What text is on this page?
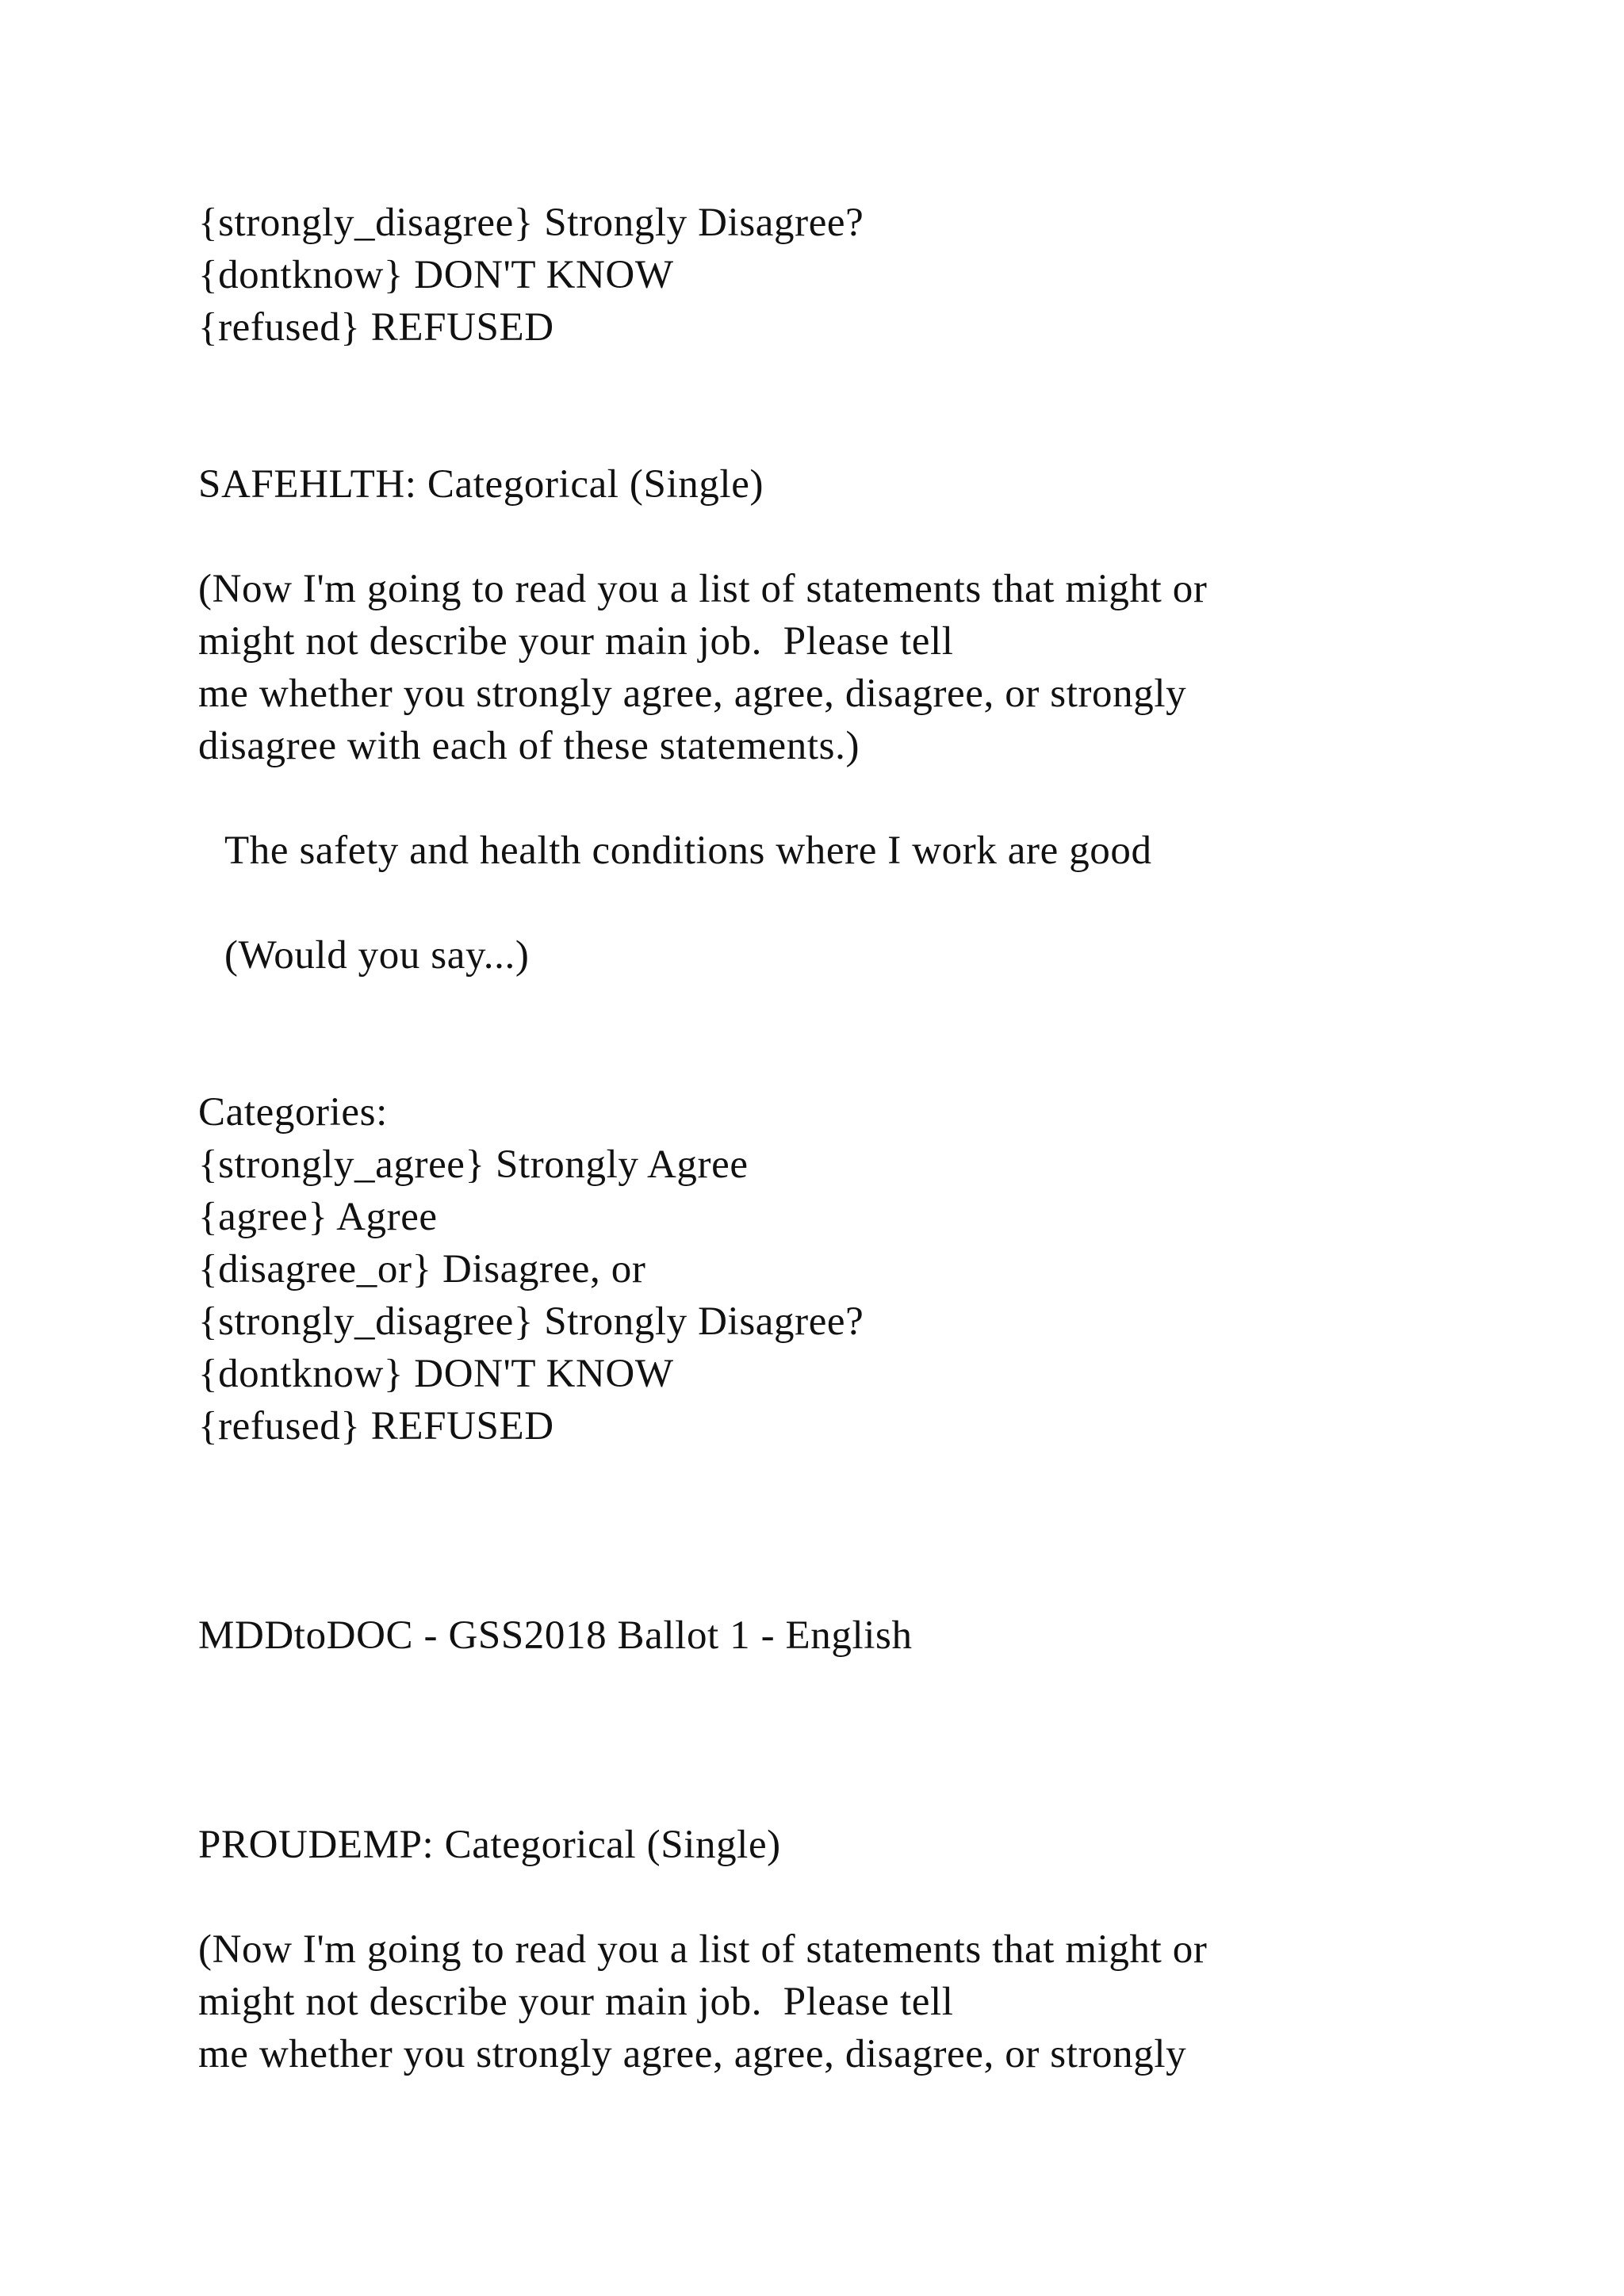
{strongly_disagree} Strongly Disagree?
{dontknow} DON'T KNOW
{refused} REFUSED
SAFEHLTH: Categorical (Single)
(Now I'm going to read you a list of statements that might or
might not describe your main job.  Please tell
me whether you strongly agree, agree, disagree, or strongly
disagree with each of these statements.)
The safety and health conditions where I work are good
(Would you say...)
Categories:
{strongly_agree} Strongly Agree
{agree} Agree
{disagree_or} Disagree, or
{strongly_disagree} Strongly Disagree?
{dontknow} DON'T KNOW
{refused} REFUSED
MDDtoDOC - GSS2018 Ballot 1 - English
PROUDEMP: Categorical (Single)
(Now I'm going to read you a list of statements that might or
might not describe your main job.  Please tell
me whether you strongly agree, agree, disagree, or strongly
